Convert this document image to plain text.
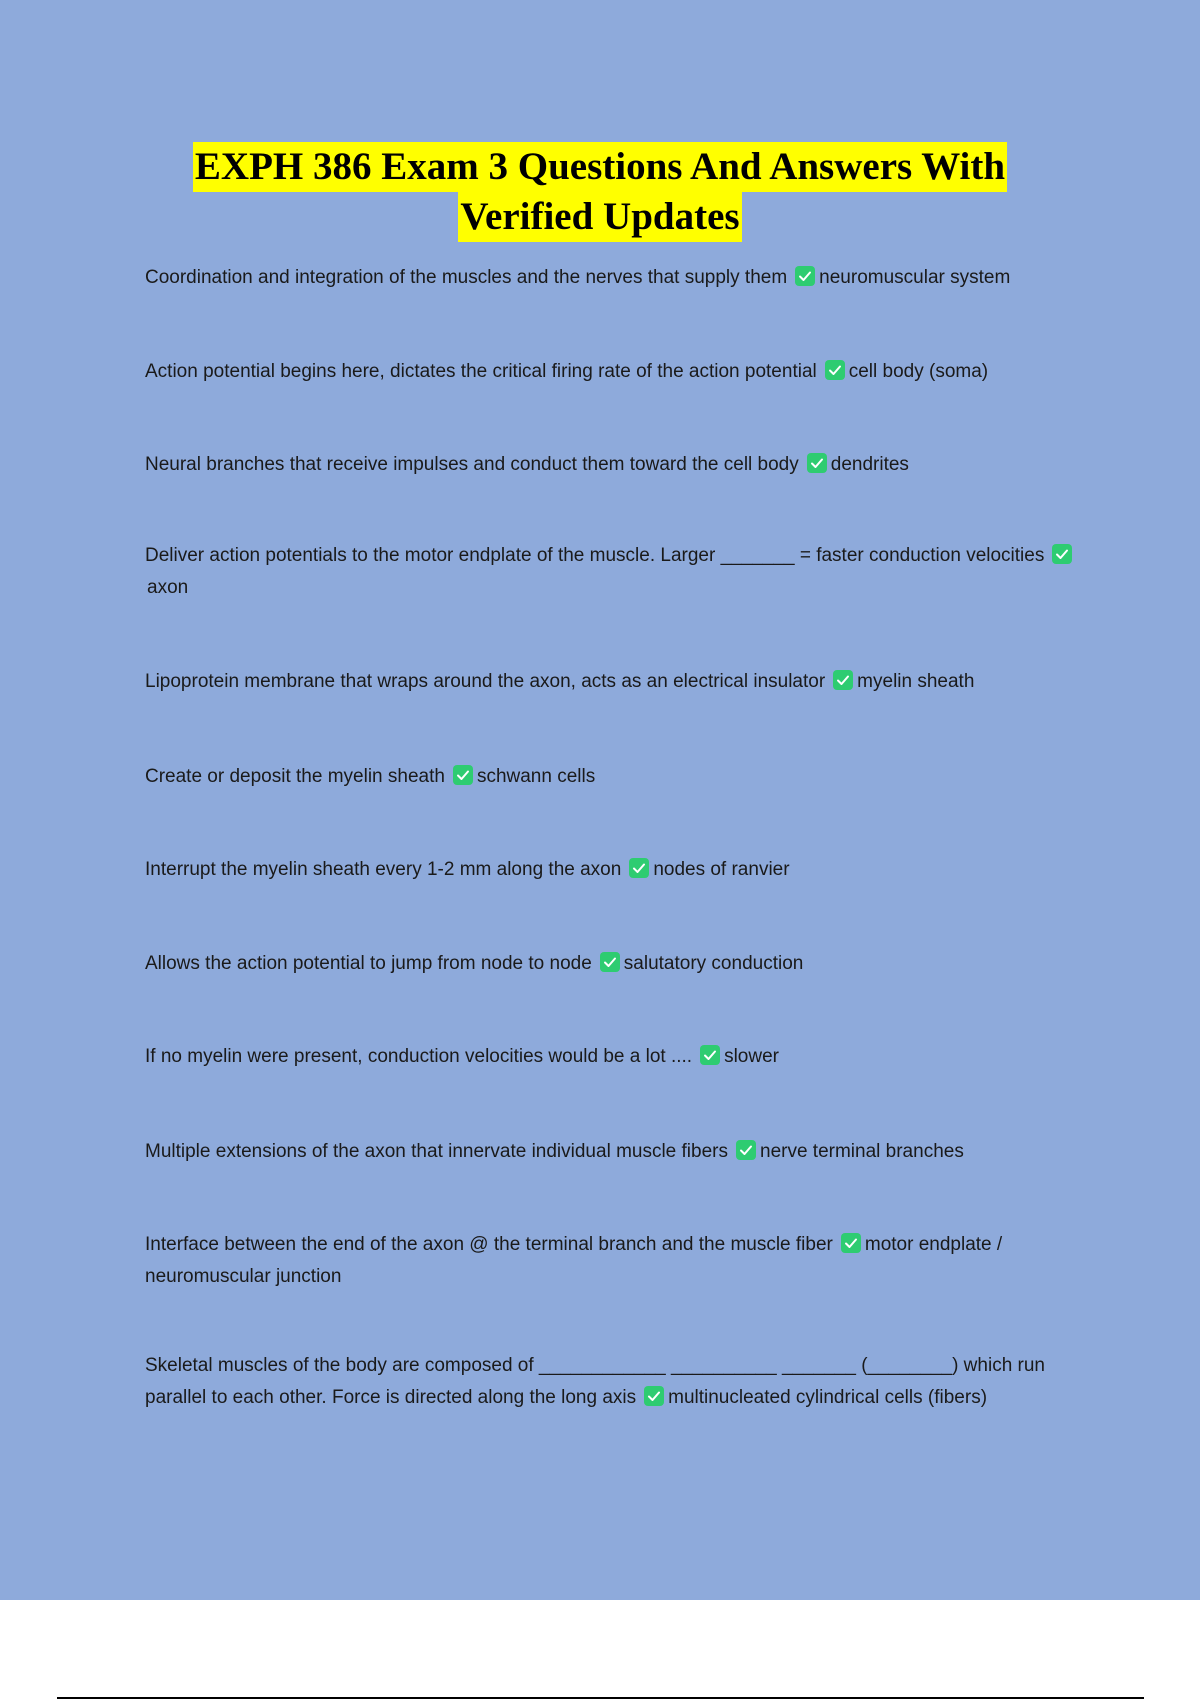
EXPH 386 Exam 3 Questions And Answers With
Verified Updates
Coordination and integration of the muscles and the nerves that supply them neuromuscular system
Action potential begins here, dictates the critical firing rate of the action potential cell body (soma)
Neural branches that receive impulses and conduct them toward the cell body dendrites
Deliver action potentials to the motor endplate of the muscle. Larger _______ = faster conduction velocities
axon
Lipoprotein membrane that wraps around the axon, acts as an electrical insulator myelin sheath
Create or deposit the myelin sheath schwann cells
Interrupt the myelin sheath every 1-2 mm along the axon nodes of ranvier
Allows the action potential to jump from node to node salutatory conduction
If no myelin were present, conduction velocities would be a lot .... slower
Multiple extensions of the axon that innervate individual muscle fibers nerve terminal branches
Interface between the end of the axon @ the terminal branch and the muscle fiber motor endplate / neuromuscular junction
Skeletal muscles of the body are composed of ____________ __________ _______ (________) which run parallel to each other. Force is directed along the long axis multinucleated cylindrical cells (fibers)
